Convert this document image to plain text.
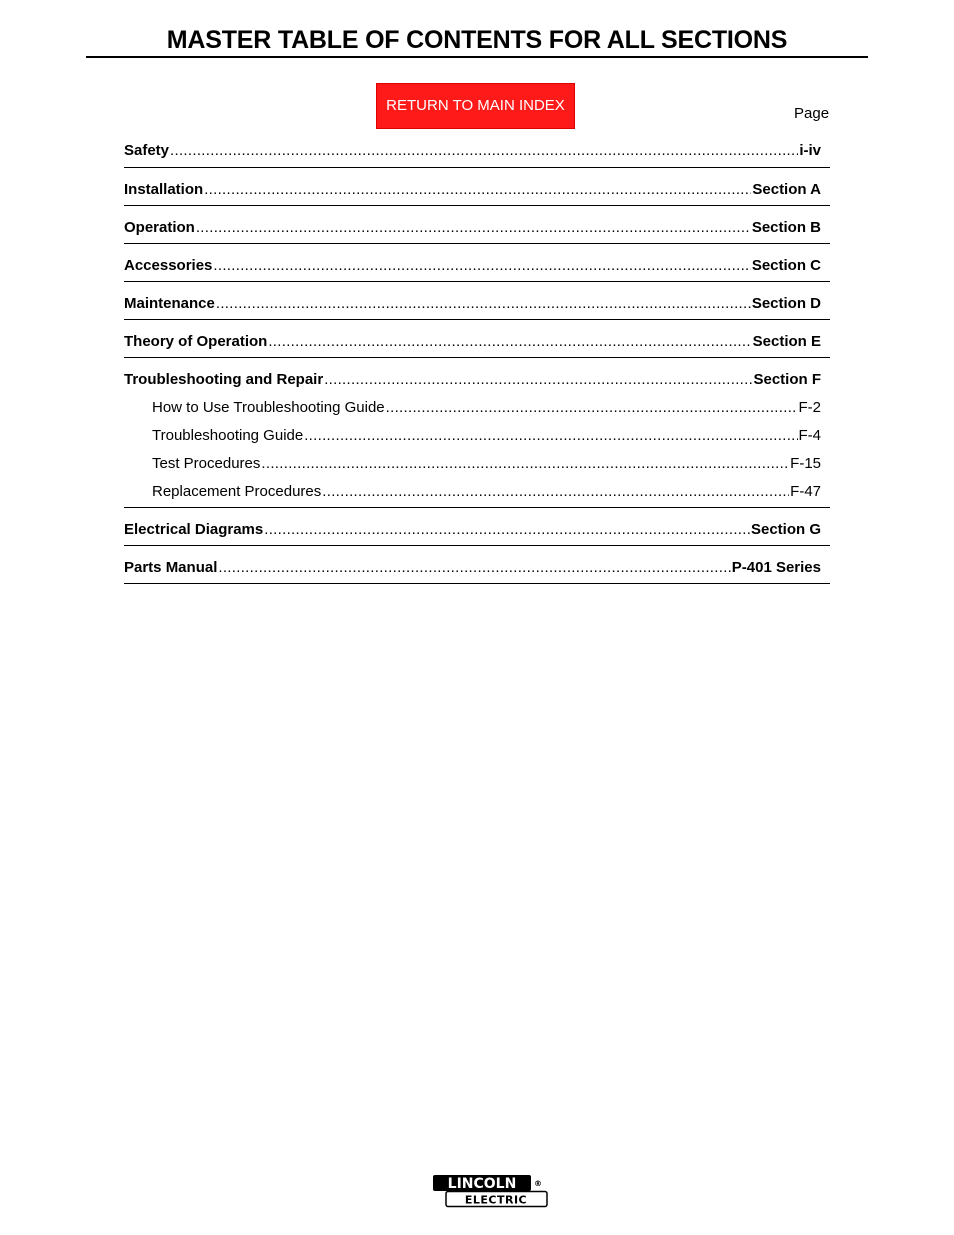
MASTER TABLE OF CONTENTS FOR ALL SECTIONS
RETURN TO MAIN INDEX	Page
Safety .....	i-iv
Installation .....	Section A
Operation .....	Section B
Accessories .....	Section C
Maintenance .....	Section D
Theory of Operation .....	Section E
Troubleshooting and Repair .....	Section F
How to Use Troubleshooting Guide .....	F-2
Troubleshooting Guide .....	F-4
Test Procedures .....	F-15
Replacement Procedures .....	F-47
Electrical Diagrams .....	Section G
Parts Manual .....	P-401 Series
LINCOLN ®
ELECTRIC
